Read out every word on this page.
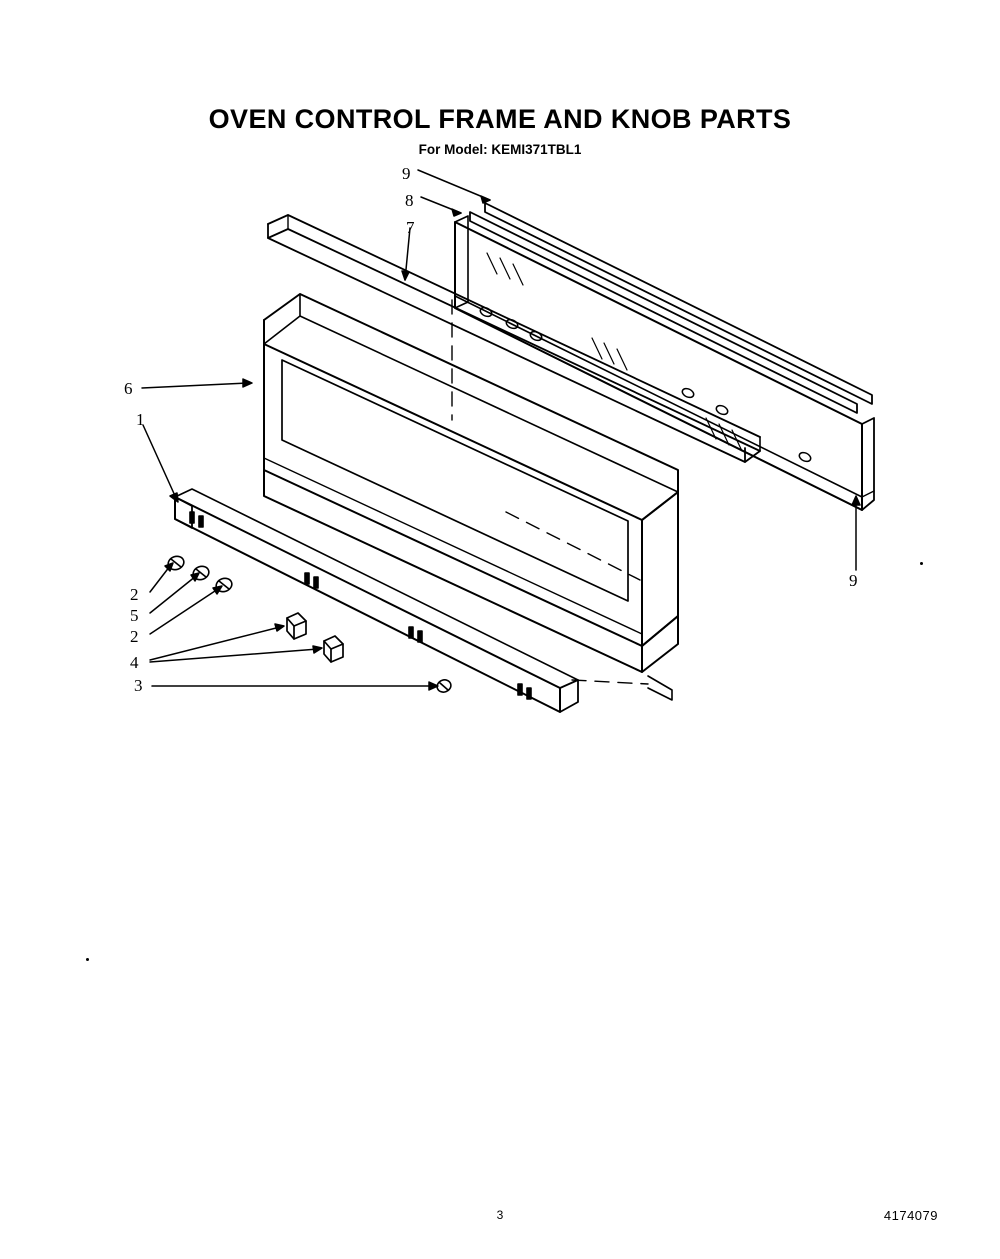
OVEN CONTROL FRAME AND KNOB PARTS
For Model: KEMI371TBL1
9
8
7
6
1
2
5
2
4
3
9
3	4174079
